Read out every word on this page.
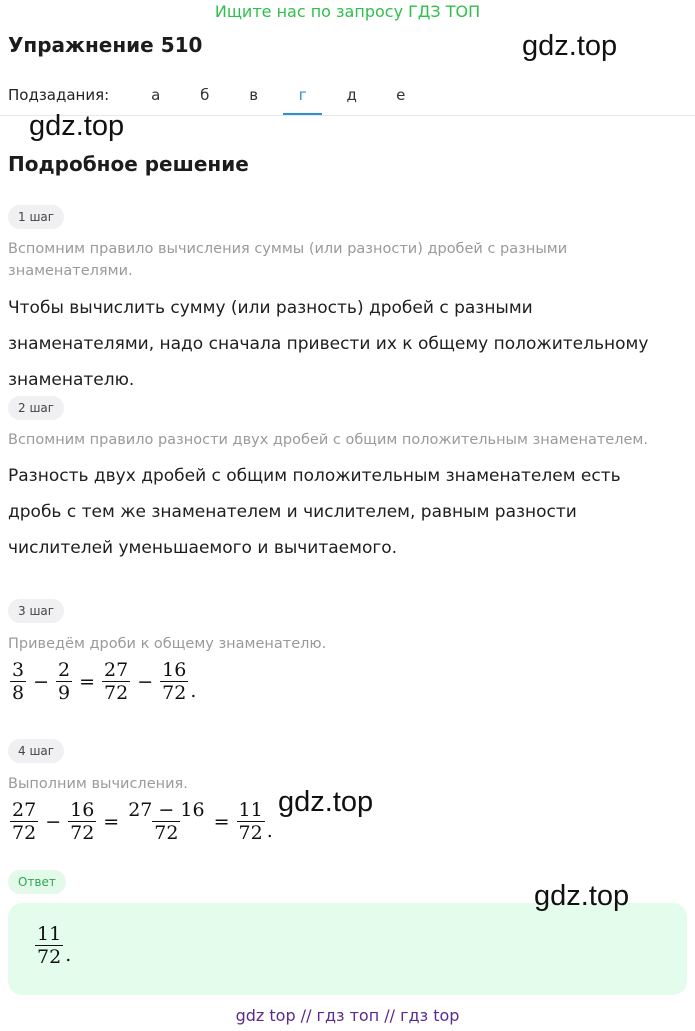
Ищите нас по запросу ГДЗ ТОП
Упражнение 510	gdz.top
Подзадания:	а	б	в	г	д	е
gdz.top
Подробное решение
1 шаг
Вспомним правило вычисления суммы (или разности) дробей с разными знаменателями.
Чтобы вычислить сумму (или разность) дробей с разными знаменателями, надо сначала привести их к общему положительному знаменателю.
2 шаг
Вспомним правило разности двух дробей с общим положительным знаменателем.
Разность двух дробей с общим положительным знаменателем есть дробь с тем же знаменателем и числителем, равным разности числителей уменьшаемого и вычитаемого.
3 шаг
Приведём дроби к общему знаменателю.
$\frac{3}{8} - \frac{2}{9} = \frac{27}{72} - \frac{16}{72}$ .
4 шаг
Выполним вычисления.
$\frac{27}{72} - \frac{16}{72} = \frac{27 - 16}{72} = \frac{11}{72}$ .
gdz.top
Ответ
$\frac{11}{72}$ .
gdz.top
gdz top // гдз топ // гдз top
